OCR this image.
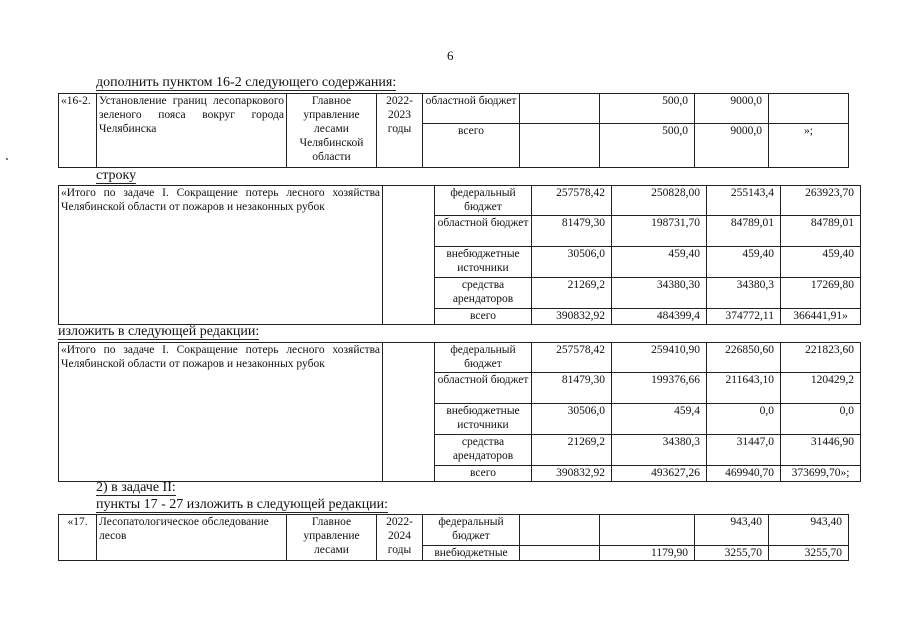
6
дополнить пунктом 16-2 следующего содержания:
«16-2.	Установление границ лесопаркового зеленого пояса вокруг города Челябинска	Главное управление лесами Челябинской области	2022-2023 годы	областной бюджет		500,0	9000,0	
				всего		500,0	9000,0	»;
строку
«Итого по задаче I. Сокращение потерь лесного хозяйства Челябинской области от пожаров и незаконных рубок		федеральный бюджет	257578,42	250828,00	255143,4	263923,70
		областной бюджет	81479,30	198731,70	84789,01	84789,01
		внебюджетные источники	30506,0	459,40	459,40	459,40
		средства арендаторов	21269,2	34380,30	34380,3	17269,80
		всего	390832,92	484399,4	374772,11	366441,91»
изложить в следующей редакции:
«Итого по задаче I. Сокращение потерь лесного хозяйства Челябинской области от пожаров и незаконных рубок		федеральный бюджет	257578,42	259410,90	226850,60	221823,60
		областной бюджет	81479,30	199376,66	211643,10	120429,2
		внебюджетные источники	30506,0	459,4	0,0	0,0
		средства арендаторов	21269,2	34380,3	31447,0	31446,90
		всего	390832,92	493627,26	469940,70	373699,70»;
2) в задаче II:
пункты 17 - 27 изложить в следующей редакции:
«17.	Лесопатологическое обследование лесов	Главное управление лесами	2022-2024 годы	федеральный бюджет			943,40	943,40
				внебюджетные		1179,90	3255,70	3255,70
